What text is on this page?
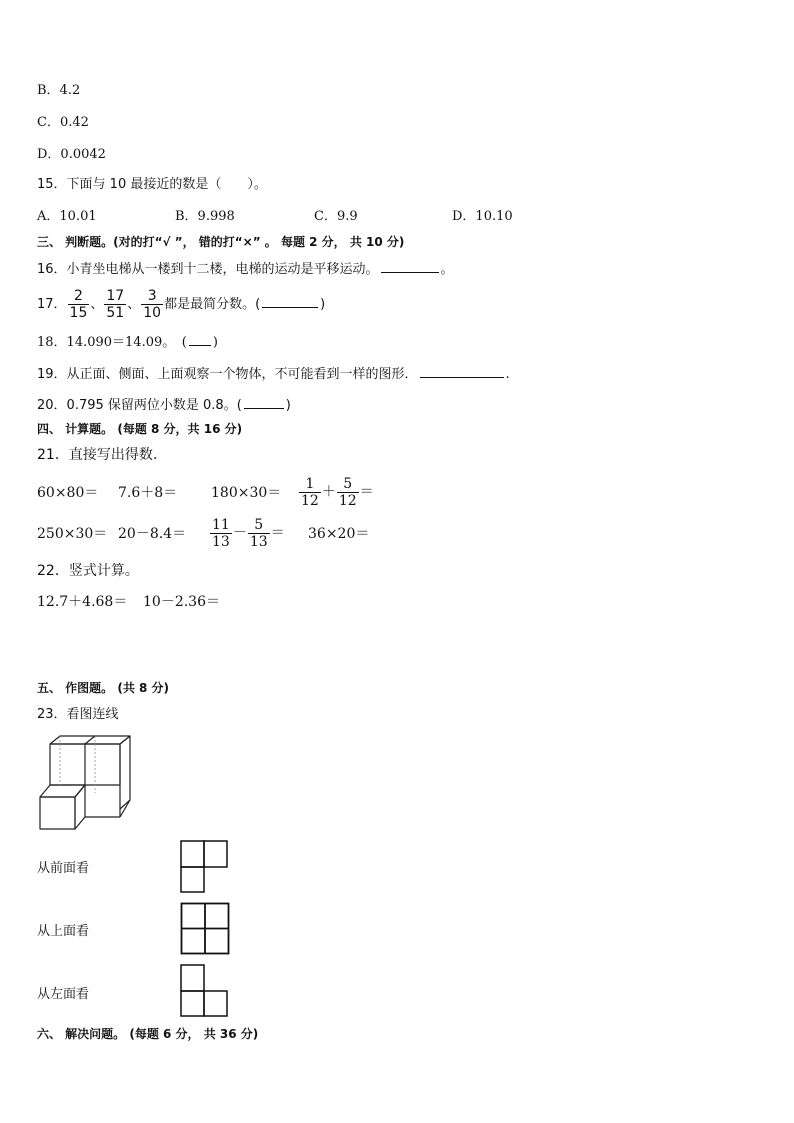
B．4.2
C．0.42
D．0.0042
15．下面与 10 最接近的数是（　　）。
A．10.01	B．9.998	C．9.9	D．10.10
三、 判断题。(对的打“√ ”， 错的打“×” 。 每题 2 分， 共 10 分)
16．小青坐电梯从一楼到十二楼，电梯的运动是平移运动。	。
17． $\frac{2}{15}$ 、 $\frac{17}{51}$ 、 $\frac{3}{10}$ 都是最简分数。(	)
18．14.090＝14.09。　( )
19．从正面、侧面、上面观察一个物体，不可能看到一样的图形．	.
20．0.795 保留两位小数是 0.8。(	)
四、 计算题。 (每题 8 分，共 16 分)
21．直接写出得数.
$60\times 80= 7.6+8= 180\times 30= \frac{1}{12} + \frac{5}{12}$ ＝
$250\times 30= 20-8.4= \frac{11}{13} - \frac{5}{13} = 36\times 20=$
22．竖式计算。
12.7＋4.68＝ 10－2.36＝
五、 作图题。 (共 8 分)
23．看图连线
从前面看
从上面看
从左面看
六、 解决问题。 (每题 6 分， 共 36 分)
